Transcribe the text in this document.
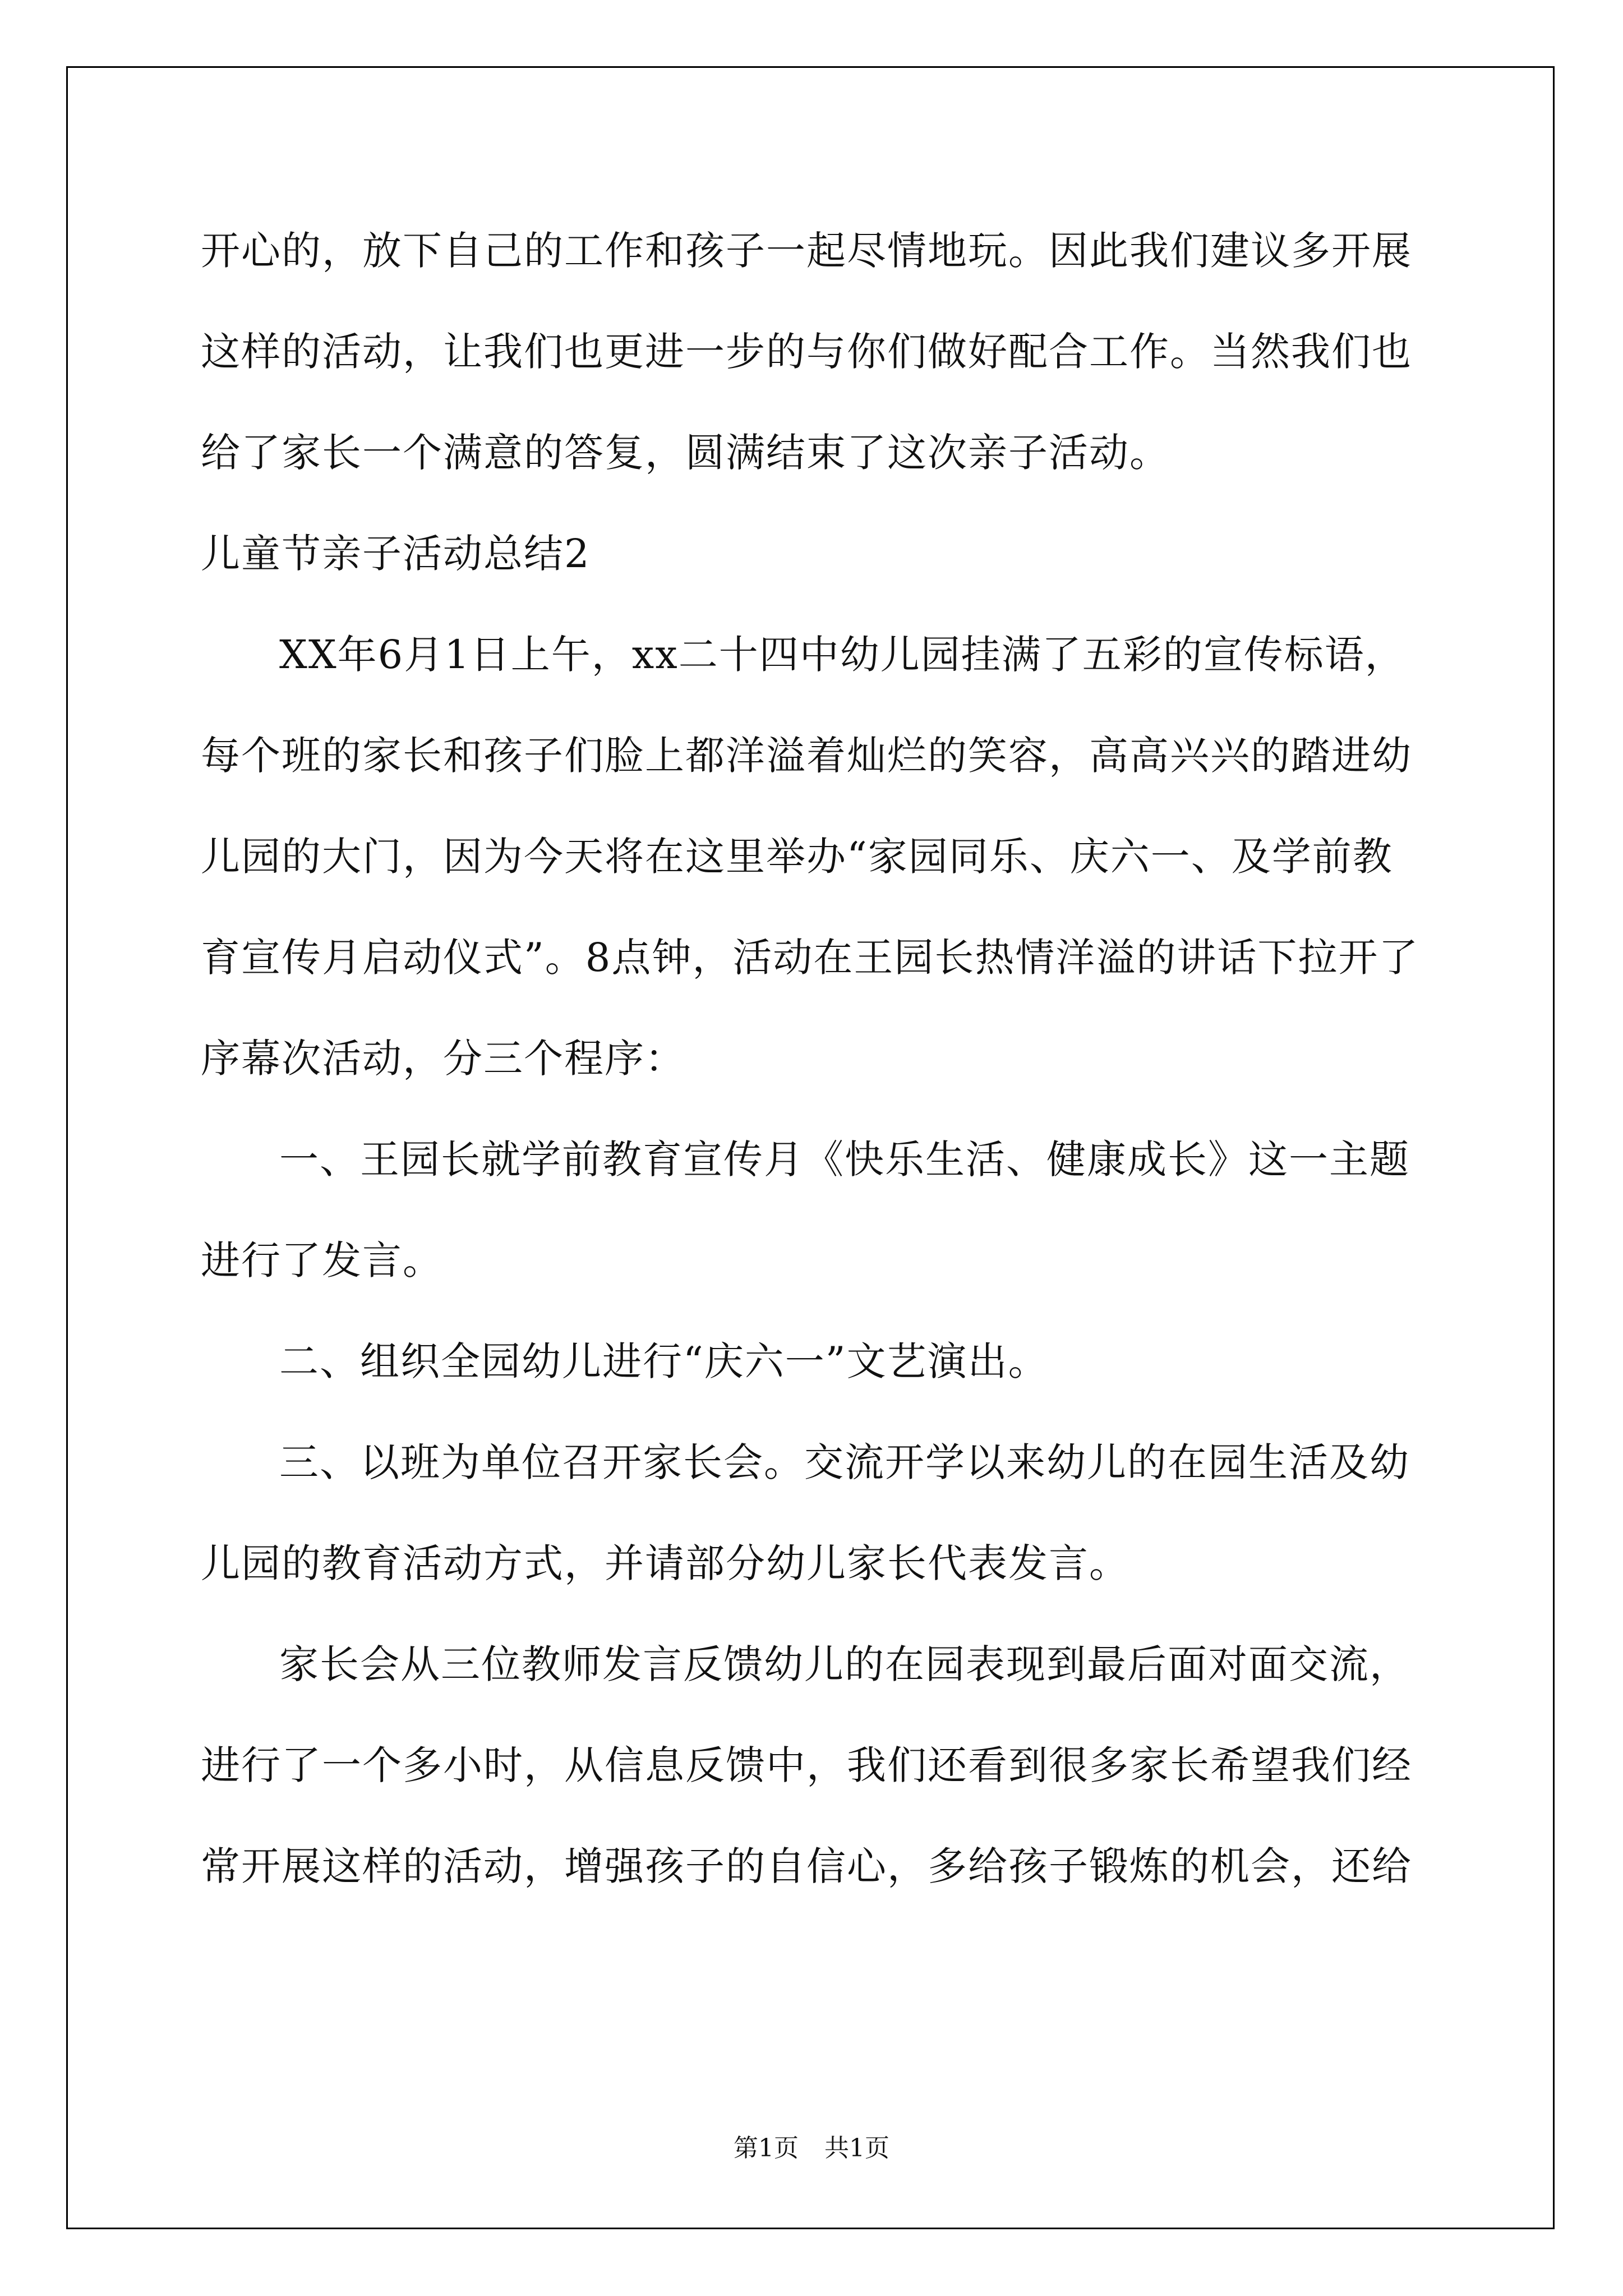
开心的，放下自己的工作和孩子一起尽情地玩。因此我们建议多开展
这样的活动，让我们也更进一步的与你们做好配合工作。当然我们也
给了家长一个满意的答复，圆满结束了这次亲子活动。
儿童节亲子活动总结2
XX年6月1日上午，xx二十四中幼儿园挂满了五彩的宣传标语，
每个班的家长和孩子们脸上都洋溢着灿烂的笑容，高高兴兴的踏进幼
儿园的大门，因为今天将在这里举办“家园同乐、庆六一、及学前教
育宣传月启动仪式”。8点钟，活动在王园长热情洋溢的讲话下拉开了
序幕次活动，分三个程序：
一、王园长就学前教育宣传月《快乐生活、健康成长》这一主题
进行了发言。
二、组织全园幼儿进行“庆六一”文艺演出。
三、以班为单位召开家长会。交流开学以来幼儿的在园生活及幼
儿园的教育活动方式，并请部分幼儿家长代表发言。
家长会从三位教师发言反馈幼儿的在园表现到最后面对面交流，
进行了一个多小时，从信息反馈中，我们还看到很多家长希望我们经
常开展这样的活动，增强孩子的自信心，多给孩子锻炼的机会，还给
第1页 共1页
